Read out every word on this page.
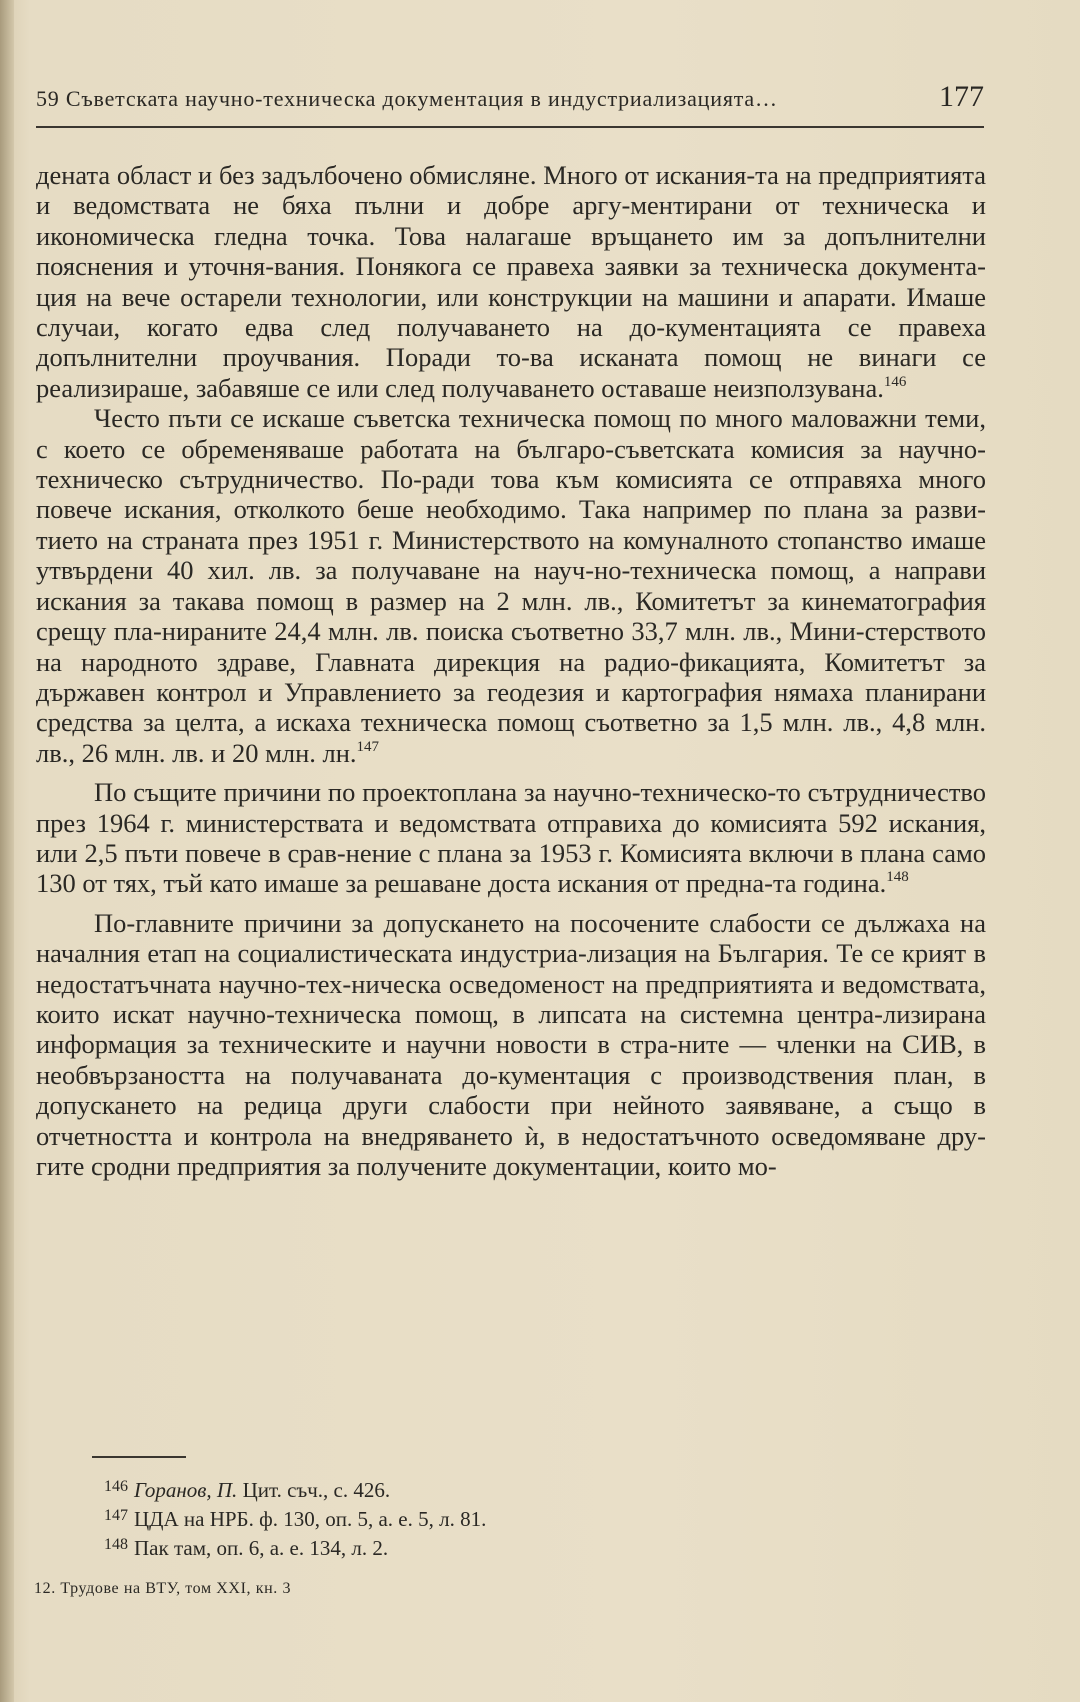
59 Съветската научно-техническа документация в индустриализацията…	177

дената област и без задълбочено обмисляне. Много от искания-та на предприятията и ведомствата не бяха пълни и добре аргу-ментирани от техническа и икономическа гледна точка. Това налагаше връщането им за допълнителни пояснения и уточня-вания. Понякога се правеха заявки за техническа документа-ция на вече остарели технологии, или конструкции на машини и апарати. Имаше случаи, когато едва след получаването на до-кументацията се правеха допълнителни проучвания. Поради то-ва исканата помощ не винаги се реализираше, забавяше се или след получаването оставаше неизползувана.$^{146}$

Често пъти се искаше съветска техническа помощ по много маловажни теми, с което се обременяваше работата на българо-съветската комисия за научно-техническо сътрудничество. По-ради това към комисията се отправяха много повече искания, отколкото беше необходимо. Така например по плана за разви-тието на страната през 1951 г. Министерството на комуналното стопанство имаше утвърдени 40 хил. лв. за получаване на науч-но-техническа помощ, а направи искания за такава помощ в размер на 2 млн. лв., Комитетът за кинематография срещу пла-нираните 24,4 млн. лв. поиска съответно 33,7 млн. лв., Мини-стерството на народното здраве, Главната дирекция на радио-фикацията, Комитетът за държавен контрол и Управлението за геодезия и картография нямаха планирани средства за целта, а искаха техническа помощ съответно за 1,5 млн. лв., 4,8 млн. лв., 26 млн. лв. и 20 млн. лн.$^{147}$

По същите причини по проектоплана за научно-техническо-то сътрудничество през 1964 г. министерствата и ведомствата отправиха до комисията 592 искания, или 2,5 пъти повече в срав-нение с плана за 1953 г. Комисията включи в плана само 130 от тях, тъй като имаше за решаване доста искания от предна-та година.$^{148}$

По-главните причини за допускането на посочените слабости се дължаха на началния етап на социалистическата индустриа-лизация на България. Те се крият в недостатъчната научно-тех-ническа осведоменост на предприятията и ведомствата, които искат научно-техническа помощ, в липсата на системна центра-лизирана информация за техническите и научни новости в стра-ните — членки на СИВ, в необвързаността на получаваната до-кументация с производствения план, в допускането на редица други слабости при нейното заявяване, а също в отчетността и контрола на внедряването ѝ, в недостатъчното осведомяване дру-гите сродни предприятия за получените документации, които мо-

146 Горанов, П. Цит. съч., с. 426.
147 ЦДА на НРБ. ф. 130, оп. 5, а. е. 5, л. 81.
148 Пак там, оп. 6, а. е. 134, л. 2.
12. Трудове на ВТУ, том XXI, кн. 3
